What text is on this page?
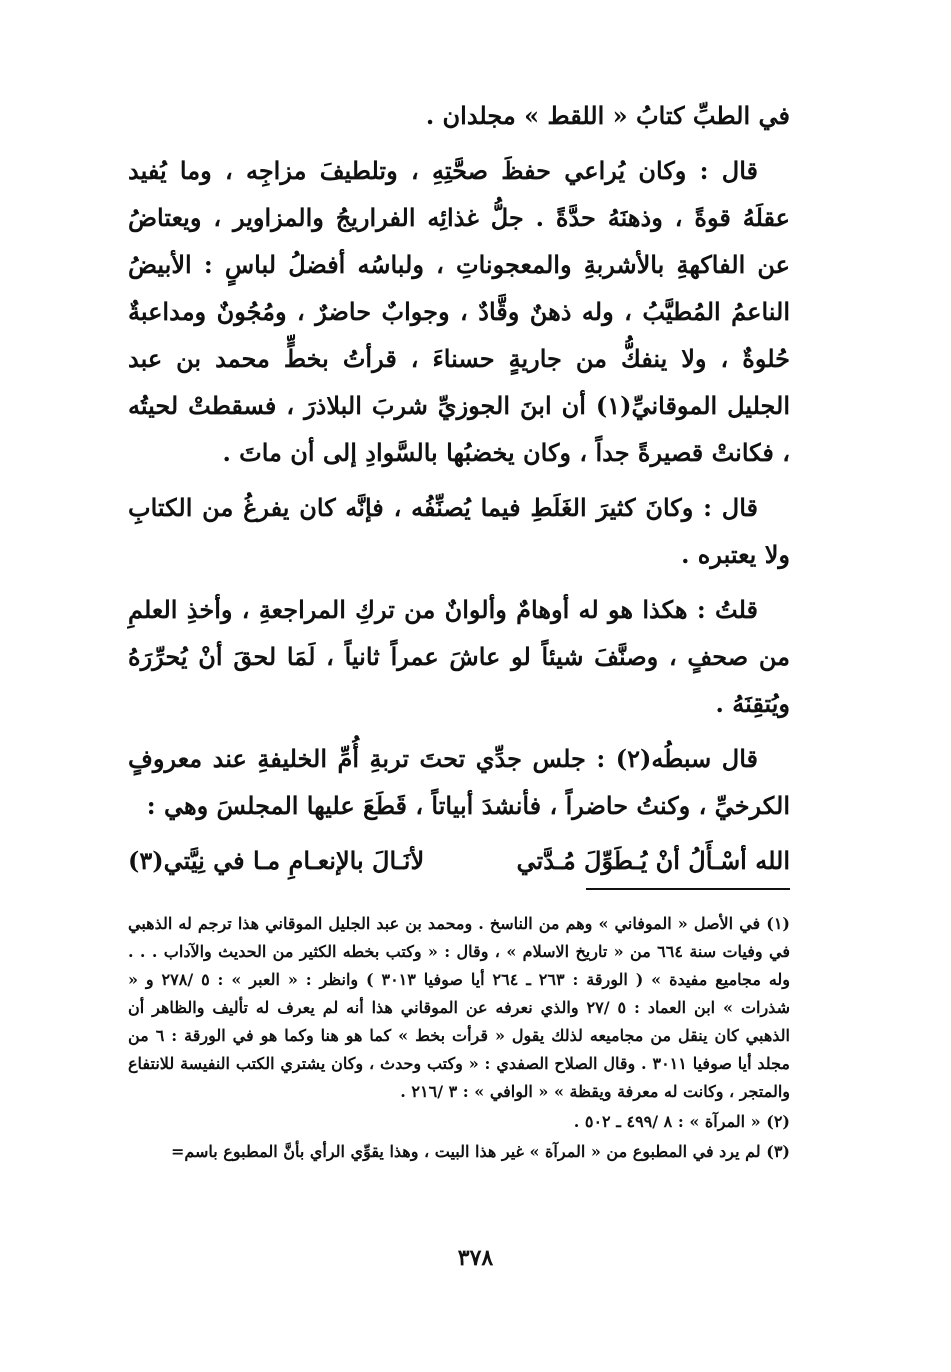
في الطبِّ كتابُ « اللقط » مجلدان .

قال : وكان يُراعي حفظَ صحَّتِهِ ، وتلطيفَ مزاجِه ، وما يُفيد عقلَهُ قوةً ، وذهنَهُ حدَّةً . جلُّ غذائِه الفراريجُ والمزاوير ، ويعتاضُ عن الفاكهةِ بالأشربةِ والمعجوناتِ ، ولباسُه أفضلُ لباسٍ : الأبيضُ الناعمُ المُطيَّبُ ، وله ذهنٌ وقَّادٌ ، وجوابٌ حاضرٌ ، ومُجُونٌ ومداعبةٌ حُلوةٌ ، ولا ينفكُّ من جاريةٍ حسناءَ ، قرأتُ بخطٍّ محمد بن عبد الجليل الموقانيِّ(١) أن ابنَ الجوزيِّ شربَ البلاذرَ ، فسقطتْ لحيتُه ، فكانتْ قصيرةً جداً ، وكان يخضبُها بالسَّوادِ إلى أن ماتَ .

قال : وكانَ كثيرَ الغَلَطِ فيما يُصنِّفُه ، فإنَّه كان يفرغُ من الكتابِ ولا يعتبره .

قلتُ : هكذا هو له أوهامٌ وألوانٌ من تركِ المراجعةِ ، وأخذِ العلمِ من صحفٍ ، وصنَّفَ شيئاً لو عاشَ عمراً ثانياً ، لَمَا لحقَ أنْ يُحرِّرَهُ ويُتقِنَهُ .

قال سبطُه(٢) : جلس جدِّي تحتَ تربةِ أُمِّ الخليفةِ عند معروفٍ الكرخيِّ ، وكنتُ حاضراً ، فأنشدَ أبياتاً ، قَطَعَ عليها المجلسَ وهي :

الله أسْـأَلُ أنْ يُـطَوِّلَ مُـدَّتي
لأنَـالَ بالإنعـامِ مـا في نِيَّتي(٣)

(١) في الأصل « الموفاني » وهم من الناسخ . ومحمد بن عبد الجليل الموقاني هذا ترجم له الذهبي في وفيات سنة ٦٦٤ من « تاريخ الاسلام » ، وقال : « وكتب بخطه الكثير من الحديث والآداب . . . وله مجاميع مفيدة » ( الورقة : ٢٦٣ ـ ٢٦٤ أيا صوفيا ٣٠١٣ ) وانظر : « العبر » : ٥ /٢٧٨ و « شذرات » ابن العماد : ٥ /٢٧ والذي نعرفه عن الموقاني هذا أنه لم يعرف له تأليف والظاهر أن الذهبي كان ينقل من مجاميعه لذلك يقول « قرأت بخط » كما هو هنا وكما هو في الورقة : ٦ من مجلد أيا صوفيا ٣٠١١ . وقال الصلاح الصفدي : « وكتب وحدث ، وكان يشتري الكتب النفيسة للانتفاع والمتجر ، وكانت له معرفة ويقظة » « الوافي » : ٣ /٢١٦ .

(٢) « المرآة » : ٨ /٤٩٩ ـ ٥٠٢ .

(٣) لم يرد في المطبوع من « المرآة » غير هذا البيت ، وهذا يقوِّي الرأي بأنَّ المطبوع باسم=

٣٧٨
